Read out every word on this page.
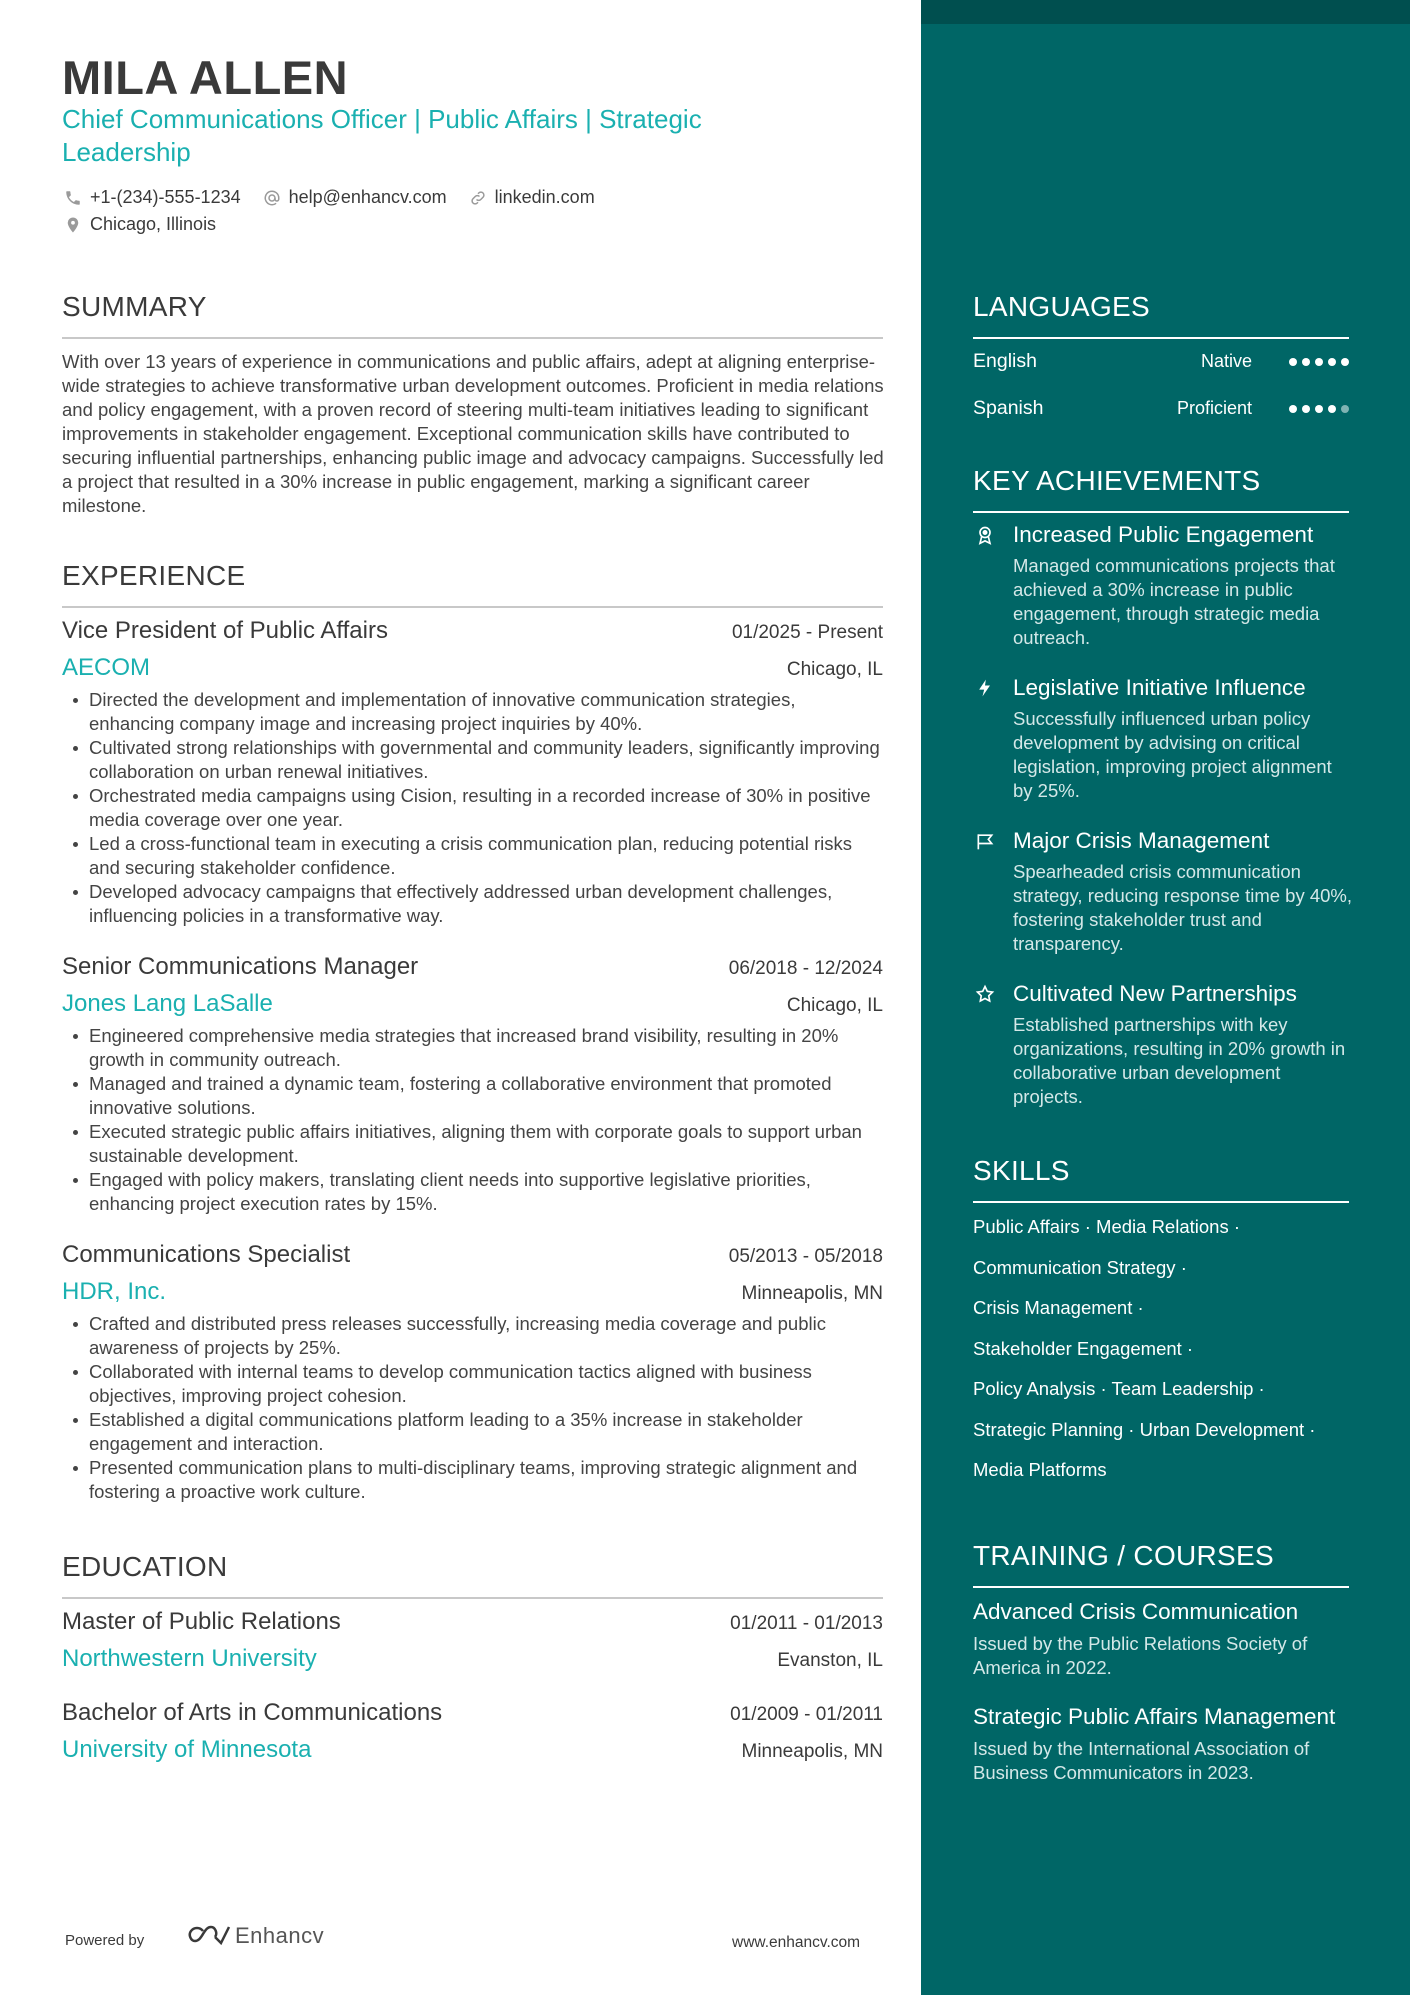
MILA ALLEN
Chief Communications Officer | Public Affairs | Strategic Leadership
+1-(234)-555-1234	help@enhancv.com	linkedin.com
Chicago, Illinois
SUMMARY
With over 13 years of experience in communications and public affairs, adept at aligning enterprise-wide strategies to achieve transformative urban development outcomes. Proficient in media relations and policy engagement, with a proven record of steering multi-team initiatives leading to significant improvements in stakeholder engagement. Exceptional communication skills have contributed to securing influential partnerships, enhancing public image and advocacy campaigns. Successfully led a project that resulted in a 30% increase in public engagement, marking a significant career milestone.
EXPERIENCE
Vice President of Public Affairs	01/2025 - Present
AECOM	Chicago, IL
Directed the development and implementation of innovative communication strategies, enhancing company image and increasing project inquiries by 40%.
Cultivated strong relationships with governmental and community leaders, significantly improving collaboration on urban renewal initiatives.
Orchestrated media campaigns using Cision, resulting in a recorded increase of 30% in positive media coverage over one year.
Led a cross-functional team in executing a crisis communication plan, reducing potential risks and securing stakeholder confidence.
Developed advocacy campaigns that effectively addressed urban development challenges, influencing policies in a transformative way.
Senior Communications Manager	06/2018 - 12/2024
Jones Lang LaSalle	Chicago, IL
Engineered comprehensive media strategies that increased brand visibility, resulting in 20% growth in community outreach.
Managed and trained a dynamic team, fostering a collaborative environment that promoted innovative solutions.
Executed strategic public affairs initiatives, aligning them with corporate goals to support urban sustainable development.
Engaged with policy makers, translating client needs into supportive legislative priorities, enhancing project execution rates by 15%.
Communications Specialist	05/2013 - 05/2018
HDR, Inc.	Minneapolis, MN
Crafted and distributed press releases successfully, increasing media coverage and public awareness of projects by 25%.
Collaborated with internal teams to develop communication tactics aligned with business objectives, improving project cohesion.
Established a digital communications platform leading to a 35% increase in stakeholder engagement and interaction.
Presented communication plans to multi-disciplinary teams, improving strategic alignment and fostering a proactive work culture.
EDUCATION
Master of Public Relations	01/2011 - 01/2013
Northwestern University	Evanston, IL
Bachelor of Arts in Communications	01/2009 - 01/2011
University of Minnesota	Minneapolis, MN
Powered by	Enhancv	www.enhancv.com
LANGUAGES
English	Native
Spanish	Proficient
KEY ACHIEVEMENTS
Increased Public Engagement
Managed communications projects that achieved a 30% increase in public engagement, through strategic media outreach.
Legislative Initiative Influence
Successfully influenced urban policy development by advising on critical legislation, improving project alignment by 25%.
Major Crisis Management
Spearheaded crisis communication strategy, reducing response time by 40%, fostering stakeholder trust and transparency.
Cultivated New Partnerships
Established partnerships with key organizations, resulting in 20% growth in collaborative urban development projects.
SKILLS
Public Affairs · Media Relations ·
Communication Strategy ·
Crisis Management ·
Stakeholder Engagement ·
Policy Analysis · Team Leadership ·
Strategic Planning · Urban Development ·
Media Platforms
TRAINING / COURSES
Advanced Crisis Communication
Issued by the Public Relations Society of America in 2022.
Strategic Public Affairs Management
Issued by the International Association of Business Communicators in 2023.
